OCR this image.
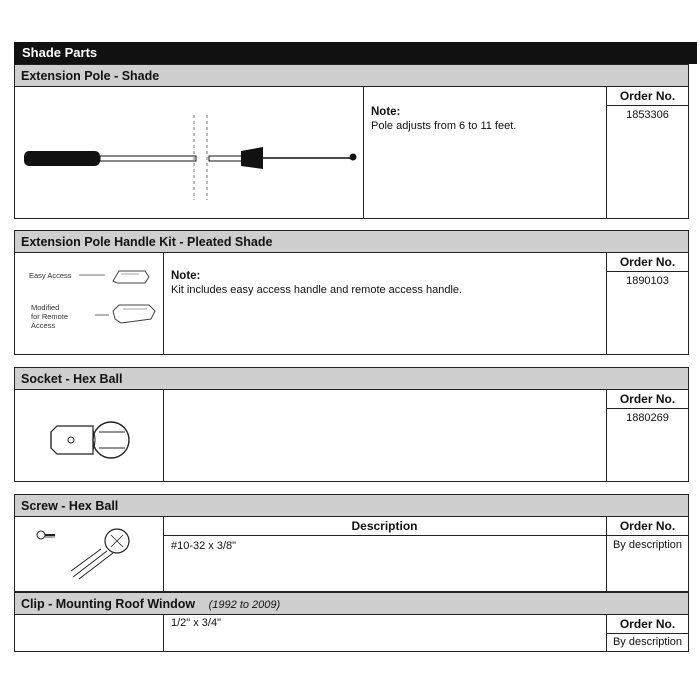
Shade Parts
Extension Pole - Shade
Note:
Pole adjusts from 6 to 11 feet.
Order No.
1853306
Extension Pole Handle Kit - Pleated Shade
Easy Access
Modified
for Remote
Access
Note:
Kit includes easy access handle and remote access handle.
Order No.
1890103
Socket - Hex Ball
Order No.
1880269
Screw - Hex Ball
Description
#10-32 x 3/8"
Order No.
By description
Clip - Mounting Roof Window (1992 to 2009)
1/2" x 3/4"	Order No.
By description
